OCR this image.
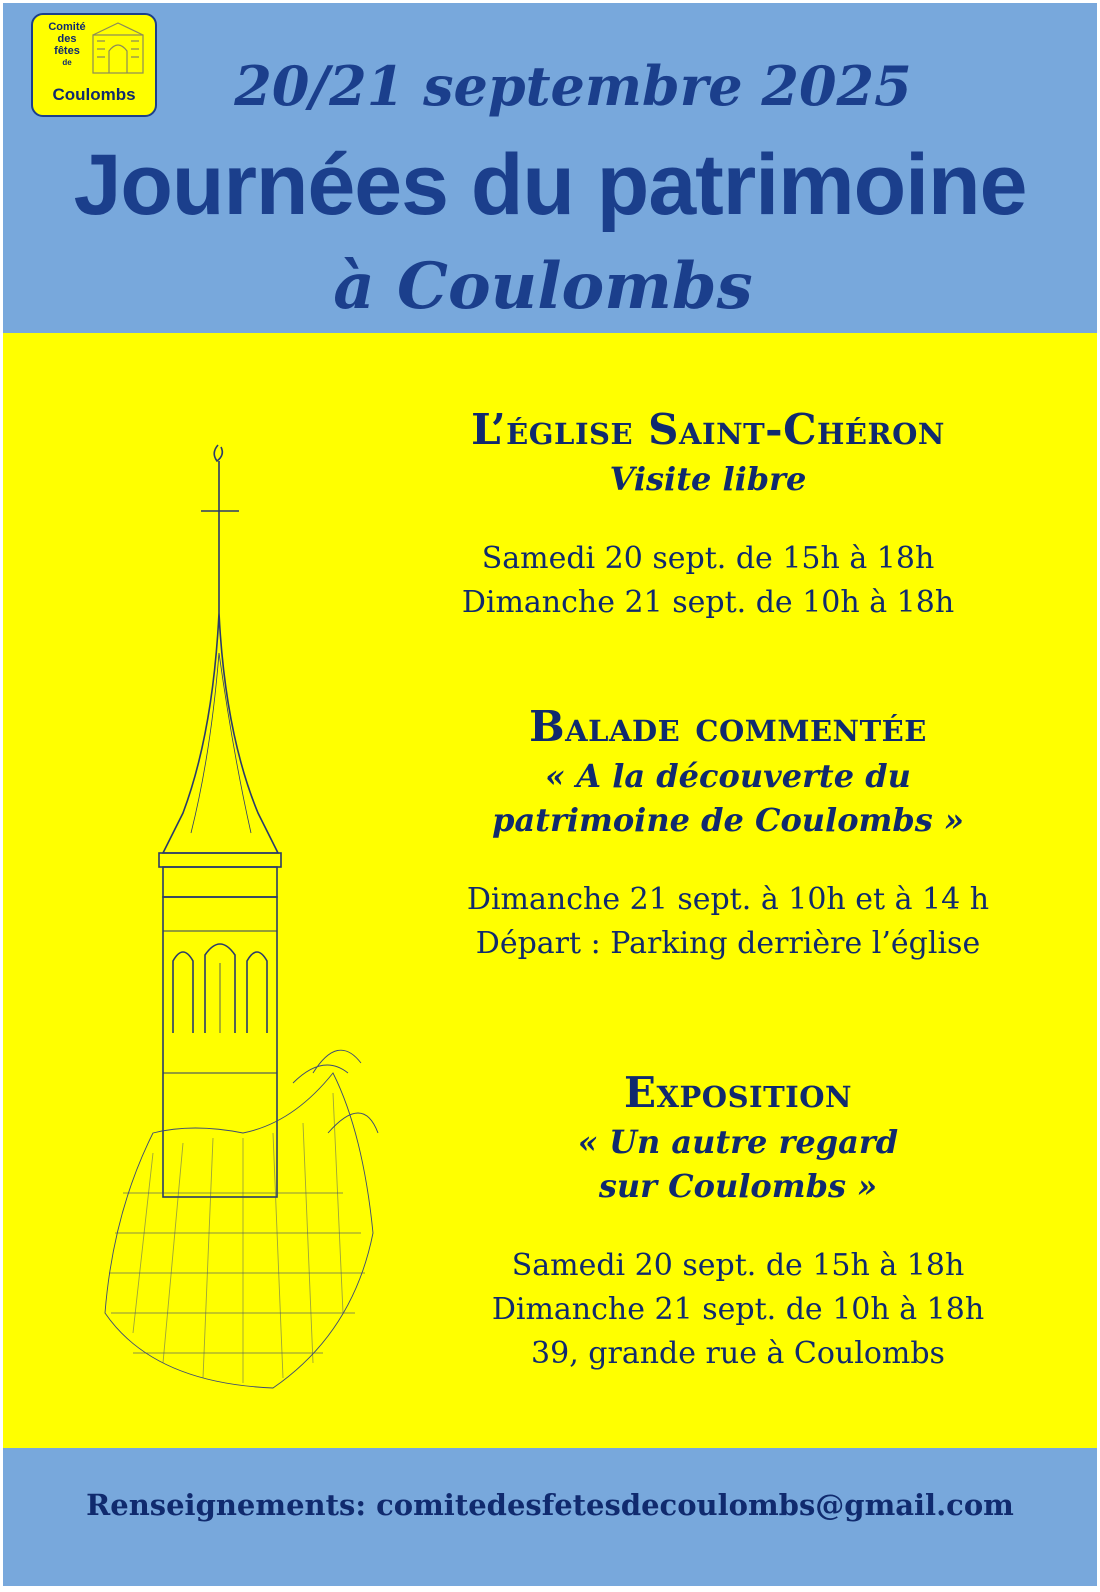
Comité
des
fêtes
de
Coulombs	20/21 septembre 2025
Journées du patrimoine
à Coulombs
L’église Saint-Chéron
Visite libre
Samedi 20 sept. de 15h à 18h
Dimanche 21 sept. de 10h à 18h
Balade commentée
« A la découverte du
patrimoine de Coulombs »
Dimanche 21 sept. à 10h et à 14 h
Départ : Parking derrière l’église
Exposition
« Un autre regard
sur Coulombs »
Samedi 20 sept. de 15h à 18h
Dimanche 21 sept. de 10h à 18h
39, grande rue à Coulombs
Renseignements: comitedesfetesdecoulombs@gmail.com
